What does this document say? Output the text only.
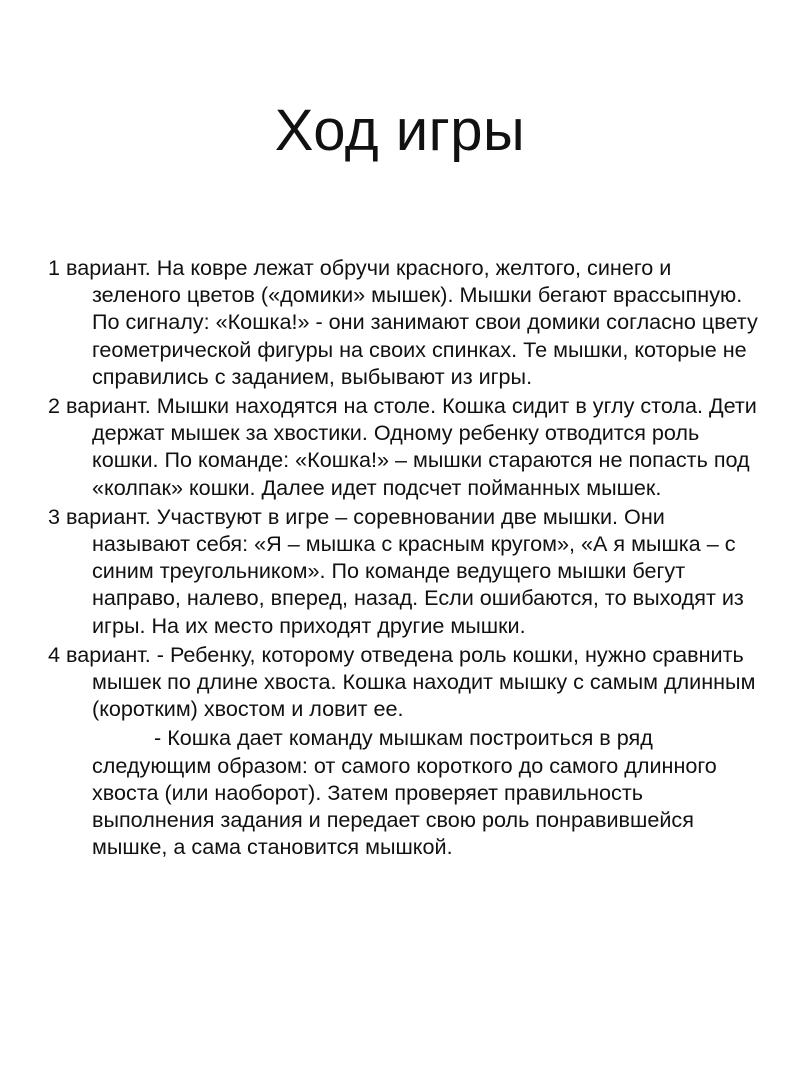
Ход игры

1 вариант. На ковре лежат обручи красного, желтого, синего и зеленого цветов («домики» мышек). Мышки бегают врассыпную. По сигналу: «Кошка!» - они занимают свои домики согласно цвету геометрической фигуры на своих спинках. Те мышки, которые не справились с заданием, выбывают из игры.

2 вариант. Мышки находятся на столе. Кошка сидит в углу стола. Дети держат мышек за хвостики. Одному ребенку отводится роль кошки. По команде: «Кошка!» – мышки стараются не попасть под «колпак» кошки. Далее идет подсчет пойманных мышек.

3 вариант. Участвуют в игре – соревновании две мышки. Они называют себя: «Я – мышка с красным кругом», «А я мышка – с синим треугольником». По команде ведущего мышки бегут направо, налево, вперед, назад. Если ошибаются, то выходят из игры. На их место приходят другие мышки.

4 вариант. - Ребенку, которому отведена роль кошки, нужно сравнить мышек по длине хвоста. Кошка находит мышку с самым длинным (коротким) хвостом и ловит ее.

- Кошка дает команду мышкам построиться в ряд следующим образом: от самого короткого до самого длинного хвоста (или наоборот). Затем проверяет правильность выполнения задания и передает свою роль понравившейся мышке, а сама становится мышкой.
